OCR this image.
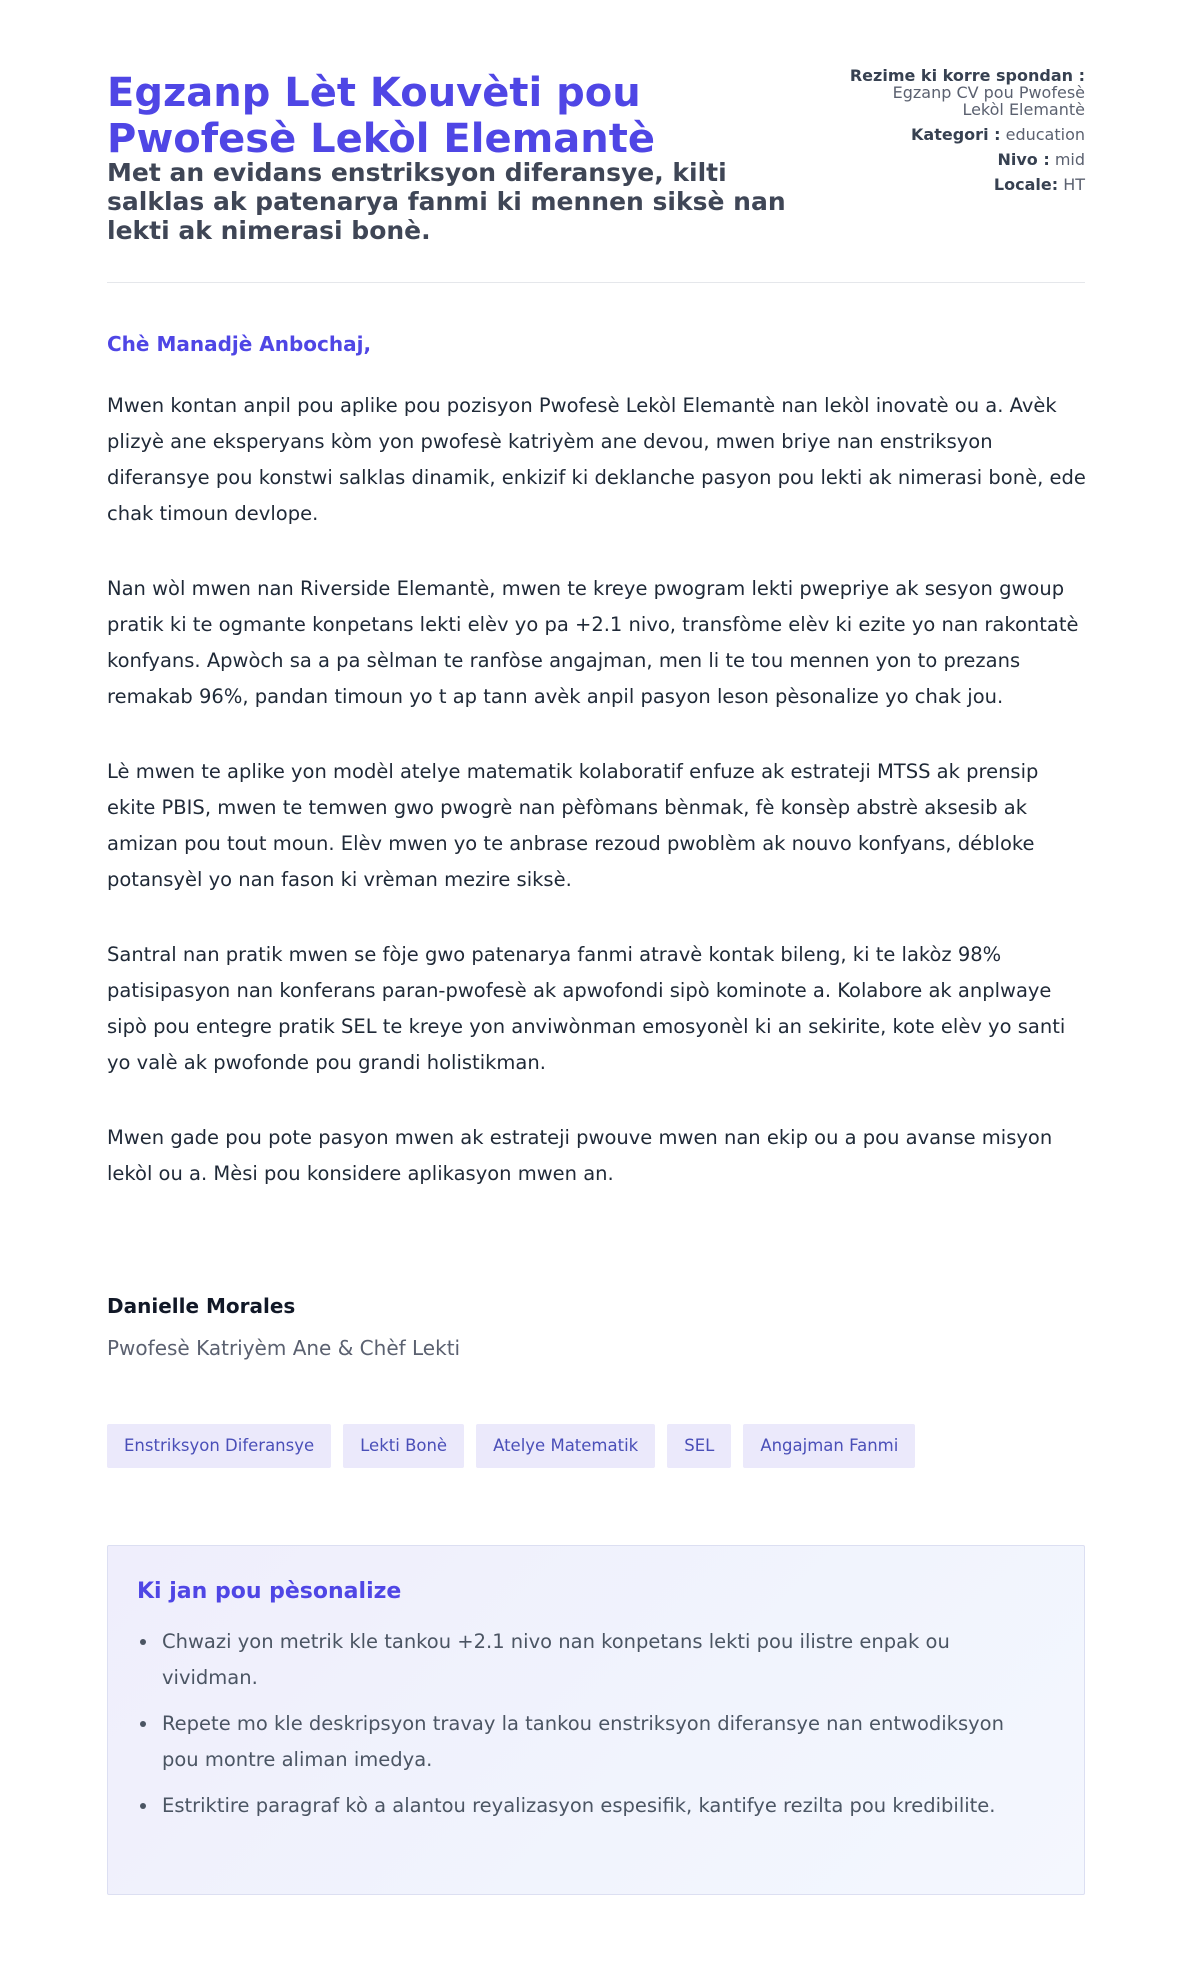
Egzanp Lèt Kouvèti pou Pwofesè Lekòl Elemantè
Met an evidans enstriksyon diferansye, kilti salklas ak patenarya fanmi ki mennen siksè nan lekti ak nimerasi bonè.
Rezime ki korre spondan :
Egzanp CV pou Pwofesè Lekòl Elemantè
Kategori : education
Nivo : mid
Locale: HT

Chè Manadjè Anbochaj,

Mwen kontan anpil pou aplike pou pozisyon Pwofesè Lekòl Elemantè nan lekòl inovatè ou a. Avèk plizyè ane eksperyans kòm yon pwofesè katriyèm ane devou, mwen briye nan enstriksyon diferansye pou konstwi salklas dinamik, enkizif ki deklanche pasyon pou lekti ak nimerasi bonè, ede chak timoun devlope.

Nan wòl mwen nan Riverside Elemantè, mwen te kreye pwogram lekti pwepriye ak sesyon gwoup pratik ki te ogmante konpetans lekti elèv yo pa +2.1 nivo, transfòme elèv ki ezite yo nan rakontatè konfyans. Apwòch sa a pa sèlman te ranfòse angajman, men li te tou mennen yon to prezans remakab 96%, pandan timoun yo t ap tann avèk anpil pasyon leson pèsonalize yo chak jou.

Lè mwen te aplike yon modèl atelye matematik kolaboratif enfuze ak estrateji MTSS ak prensip ekite PBIS, mwen te temwen gwo pwogrè nan pèfòmans bènmak, fè konsèp abstrè aksesib ak amizan pou tout moun. Elèv mwen yo te anbrase rezoud pwoblèm ak nouvo konfyans, débloke potansyèl yo nan fason ki vrèman mezire siksè.

Santral nan pratik mwen se fòje gwo patenarya fanmi atravè kontak bileng, ki te lakòz 98% patisipasyon nan konferans paran-pwofesè ak apwofondi sipò kominote a. Kolabore ak anplwaye sipò pou entegre pratik SEL te kreye yon anviwònman emosyonèl ki an sekirite, kote elèv yo santi yo valè ak pwofonde pou grandi holistikman.

Mwen gade pou pote pasyon mwen ak estrateji pwouve mwen nan ekip ou a pou avanse misyon lekòl ou a. Mèsi pou konsidere aplikasyon mwen an.

Danielle Morales

Pwofesè Katriyèm Ane & Chèf Lekti

Enstriksyon Diferansye	Lekti Bonè	Atelye Matematik	SEL	Angajman Fanmi
Ki jan pou pèsonalize
Chwazi yon metrik kle tankou +2.1 nivo nan konpetans lekti pou ilistre enpak ou vividman.
Repete mo kle deskripsyon travay la tankou enstriksyon diferansye nan entwodiksyon pou montre aliman imedya.
Estriktire paragraf kò a alantou reyalizasyon espesifik, kantifye rezilta pou kredibilite.
